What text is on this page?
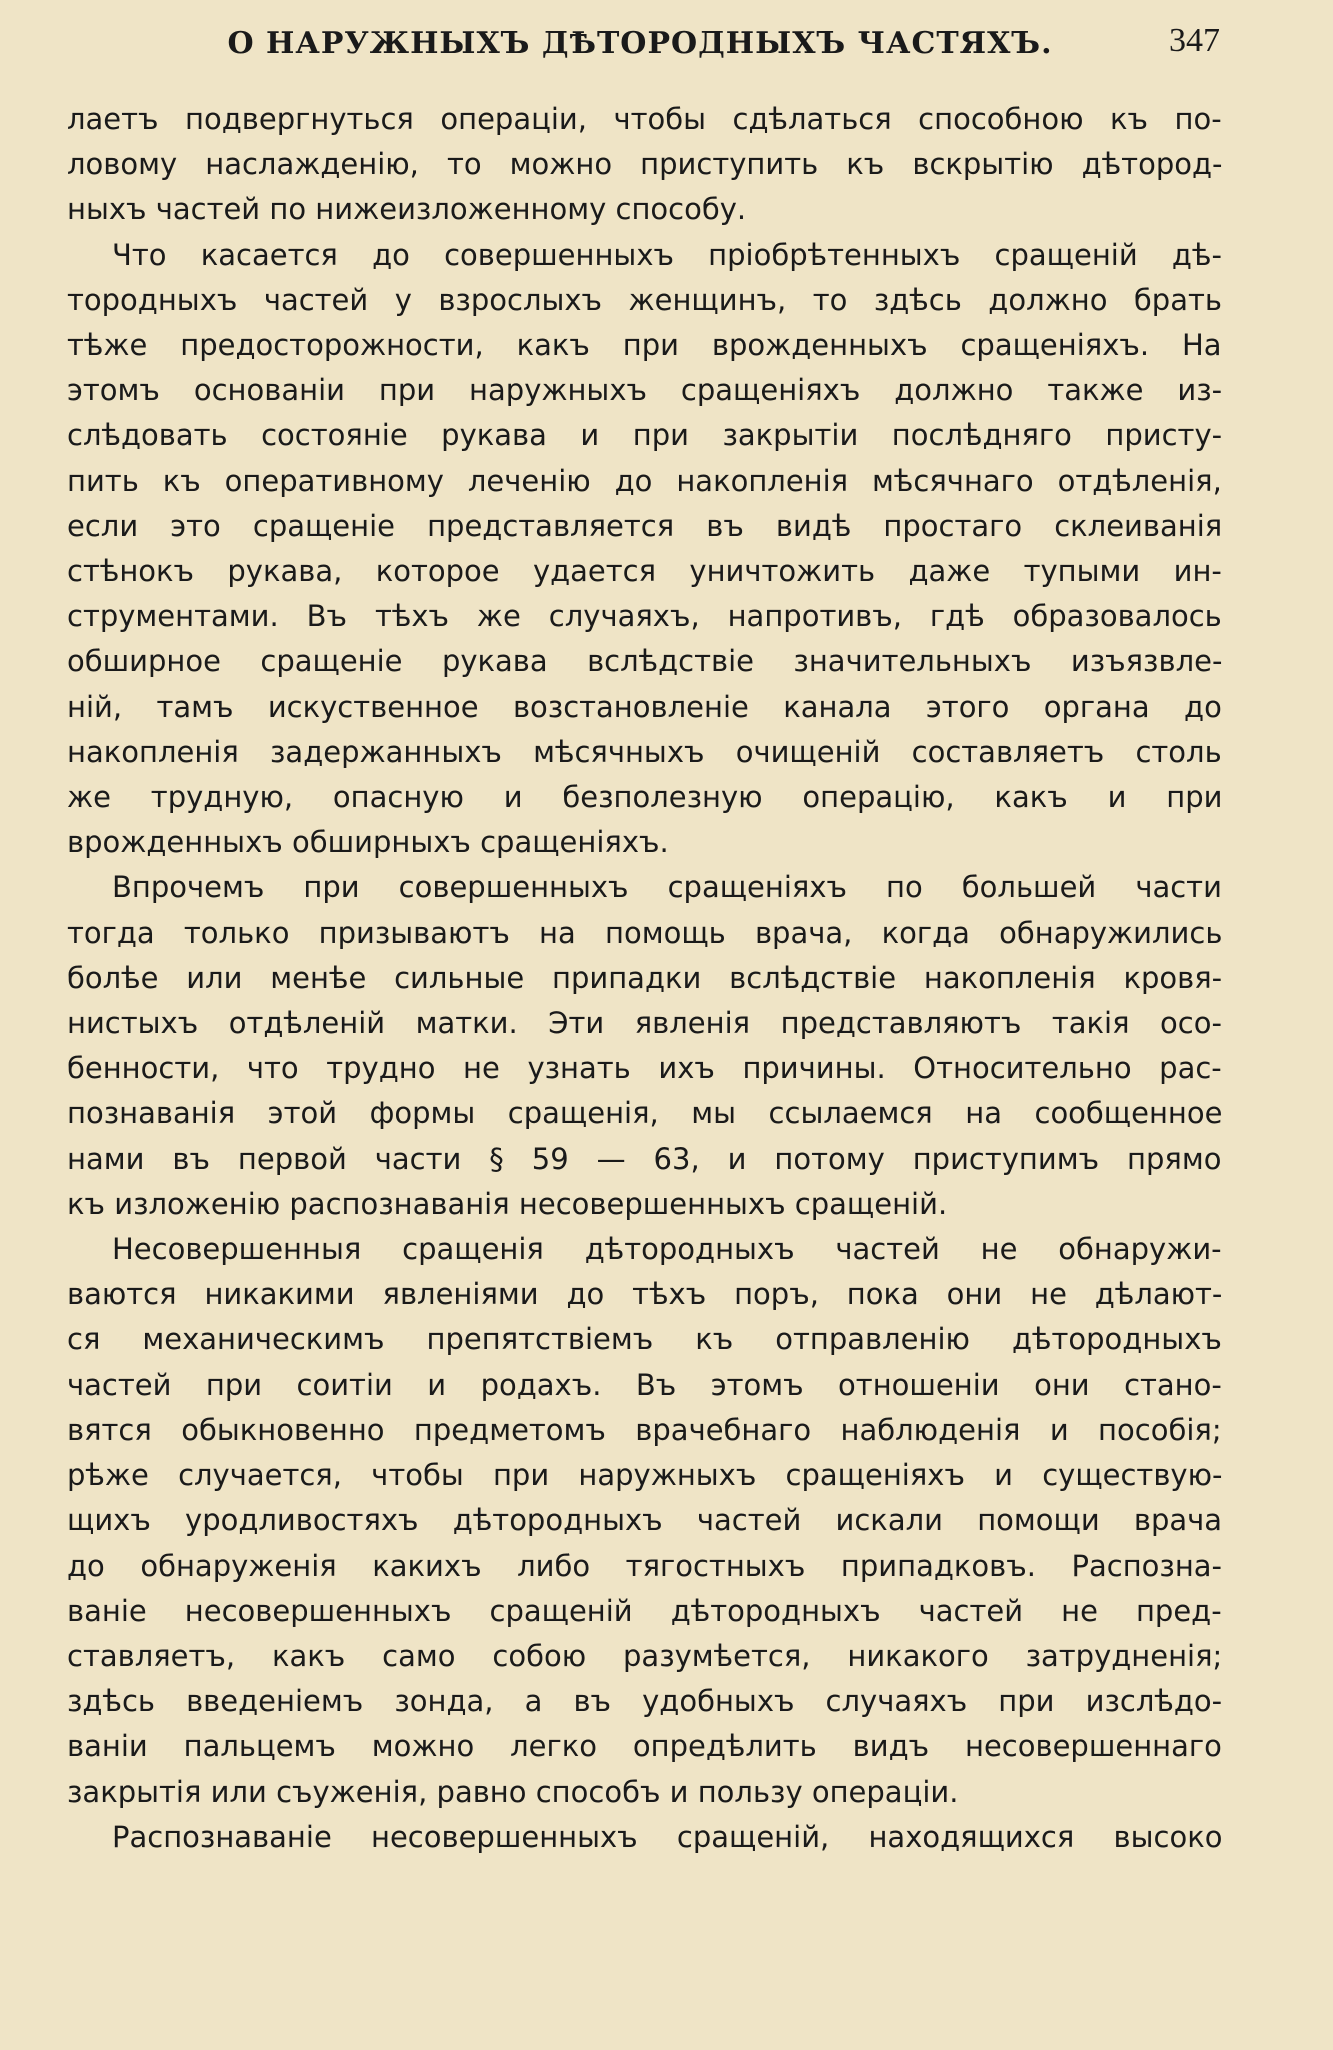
О НАРУЖНЫХЪ ДѢТОРОДНЫХЪ ЧАСТЯХЪ.	347
лаетъ подвергнуться операціи, чтобы сдѣлаться способною къ по-
ловому наслажденію, то можно приступить къ вскрытію дѣтород-
ныхъ частей по нижеизложенному способу.
Что касается до совершенныхъ пріобрѣтенныхъ сращеній дѣ-
тородныхъ частей у взрослыхъ женщинъ, то здѣсь должно брать
тѣже предосторожности, какъ при врожденныхъ сращеніяхъ. На
этомъ основаніи при наружныхъ сращеніяхъ должно также из-
слѣдовать состояніе рукава и при закрытіи послѣдняго присту-
пить къ оперативному леченію до накопленія мѣсячнаго отдѣленія,
если это сращеніе представляется въ видѣ простаго склеиванія
стѣнокъ рукава, которое удается уничтожить даже тупыми ин-
струментами. Въ тѣхъ же случаяхъ, напротивъ, гдѣ образовалось
обширное сращеніе рукава вслѣдствіе значительныхъ изъязвле-
ній, тамъ искуственное возстановленіе канала этого органа до
накопленія задержанныхъ мѣсячныхъ очищеній составляетъ столь
же трудную, опасную и безполезную операцію, какъ и при
врожденныхъ обширныхъ сращеніяхъ.
Впрочемъ при совершенныхъ сращеніяхъ по большей части
тогда только призываютъ на помощь врача, когда обнаружились
болѣе или менѣе сильные припадки вслѣдствіе накопленія кровя-
нистыхъ отдѣленій матки. Эти явленія представляютъ такія осо-
бенности, что трудно не узнать ихъ причины. Относительно рас-
познаванія этой формы сращенія, мы ссылаемся на сообщенное
нами въ первой части § 59 — 63, и потому приступимъ прямо
къ изложенію распознаванія несовершенныхъ сращеній.
Несовершенныя сращенія дѣтородныхъ частей не обнаружи-
ваются никакими явленіями до тѣхъ поръ, пока они не дѣлают-
ся механическимъ препятствіемъ къ отправленію дѣтородныхъ
частей при соитіи и родахъ. Въ этомъ отношеніи они стано-
вятся обыкновенно предметомъ врачебнаго наблюденія и пособія;
рѣже случается, чтобы при наружныхъ сращеніяхъ и существую-
щихъ уродливостяхъ дѣтородныхъ частей искали помощи врача
до обнаруженія какихъ либо тягостныхъ припадковъ. Распозна-
ваніе несовершенныхъ сращеній дѣтородныхъ частей не пред-
ставляетъ, какъ само собою разумѣется, никакого затрудненія;
здѣсь введеніемъ зонда, а въ удобныхъ случаяхъ при изслѣдо-
ваніи пальцемъ можно легко опредѣлить видъ несовершеннаго
закрытія или съуженія, равно способъ и пользу операціи.
Распознаваніе несовершенныхъ сращеній, находящихся высоко
